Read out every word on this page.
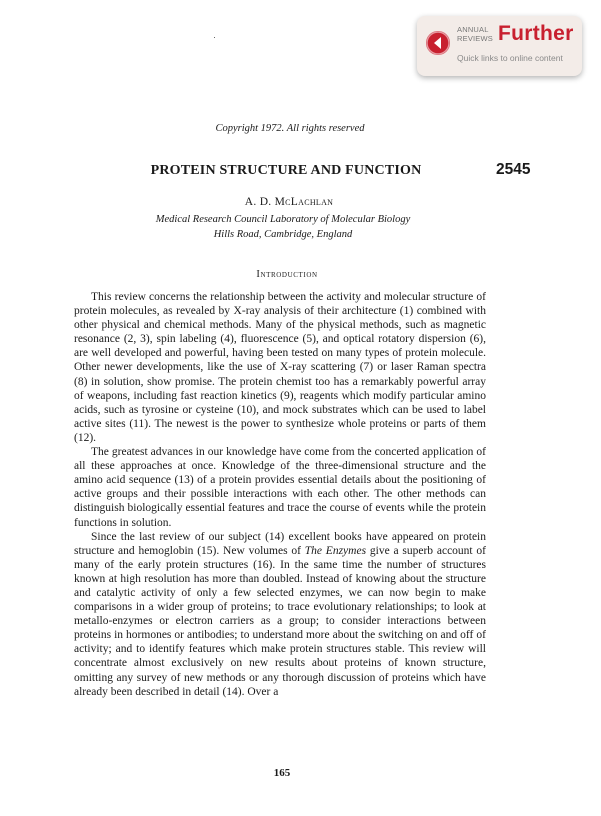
ANNUAL
REVIEWS Further
Quick links to online content
Copyright 1972. All rights reserved
PROTEIN STRUCTURE AND FUNCTION	2545
A. D. McLachlan
Medical Research Council Laboratory of Molecular Biology
Hills Road, Cambridge, England
Introduction

This review concerns the relationship between the activity and molecular structure of protein molecules, as revealed by X-ray analysis of their architecture (1) combined with other physical and chemical methods. Many of the physical methods, such as magnetic resonance (2, 3), spin labeling (4), fluorescence (5), and optical rotatory dispersion (6), are well developed and powerful, having been tested on many types of protein molecule. Other newer developments, like the use of X-ray scattering (7) or laser Raman spectra (8) in solution, show promise. The protein chemist too has a remarkably powerful array of weapons, including fast reaction kinetics (9), reagents which modify particular amino acids, such as tyrosine or cysteine (10), and mock substrates which can be used to label active sites (11). The newest is the power to synthesize whole proteins or parts of them (12).

The greatest advances in our knowledge have come from the concerted application of all these approaches at once. Knowledge of the three-dimensional structure and the amino acid sequence (13) of a protein provides essential details about the positioning of active groups and their possible interactions with each other. The other methods can distinguish biologically essential features and trace the course of events while the protein functions in solution.

Since the last review of our subject (14) excellent books have appeared on protein structure and hemoglobin (15). New volumes of The Enzymes give a superb account of many of the early protein structures (16). In the same time the number of structures known at high resolution has more than doubled. Instead of knowing about the structure and catalytic activity of only a few selected enzymes, we can now begin to make comparisons in a wider group of proteins; to trace evolutionary relationships; to look at metallo-enzymes or electron carriers as a group; to consider interactions between proteins in hormones or antibodies; to understand more about the switching on and off of activity; and to identify features which make protein structures stable. This review will concentrate almost exclusively on new results about proteins of known structure, omitting any survey of new methods or any thorough discussion of proteins which have already been described in detail (14). Over a

165
